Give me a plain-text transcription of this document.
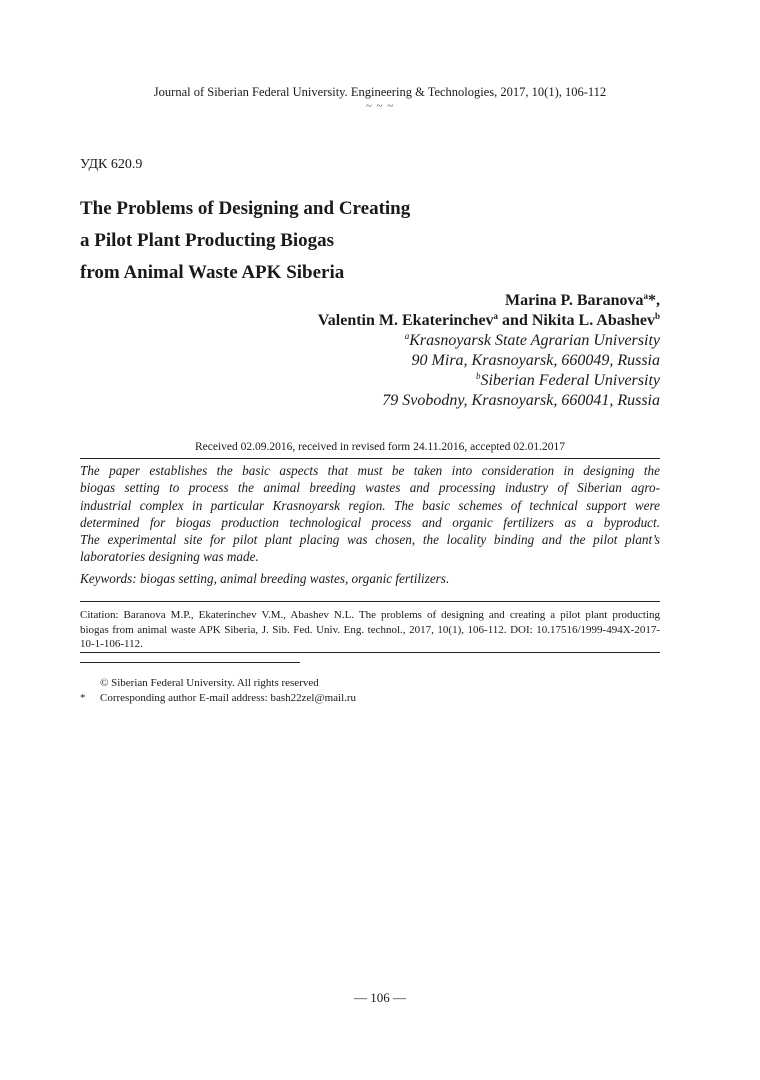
Journal of Siberian Federal University. Engineering & Technologies, 2017, 10(1), 106-112
~ ~ ~
УДК 620.9
The Problems of Designing and Creating
a Pilot Plant Producting Biogas
from Animal Waste APK Siberia
Marina P. Baranova$^a$*,
Valentin M. Ekaterinchev$^a$ and Nikita L. Abashev$^b$
$^a$Krasnoyarsk State Agrarian University
90 Mira, Krasnoyarsk, 660049, Russia
$^b$Siberian Federal University
79 Svobodny, Krasnoyarsk, 660041, Russia
Received 02.09.2016, received in revised form 24.11.2016, accepted 02.01.2017
The paper establishes the basic aspects that must be taken into consideration in designing the
biogas setting to process the animal breeding wastes and processing industry of Siberian agro-
industrial complex in particular Krasnoyarsk region. The basic schemes of technical support were
determined for biogas production technological process and organic fertilizers as a byproduct.
The experimental site for pilot plant placing was chosen, the locality binding and the pilot plant’s
laboratories designing was made.
Keywords: biogas setting, animal breeding wastes, organic fertilizers.
Citation: Baranova M.P., Ekaterinchev V.M., Abashev N.L. The problems of designing and creating a pilot plant producting
biogas from animal waste APK Siberia, J. Sib. Fed. Univ. Eng. technol., 2017, 10(1), 106-112. DOI: 10.17516/1999-494X-2017-
10-1-106-112.
© Siberian Federal University. All rights reserved
* Corresponding author E-mail address: bash22zel@mail.ru
— 106 —
